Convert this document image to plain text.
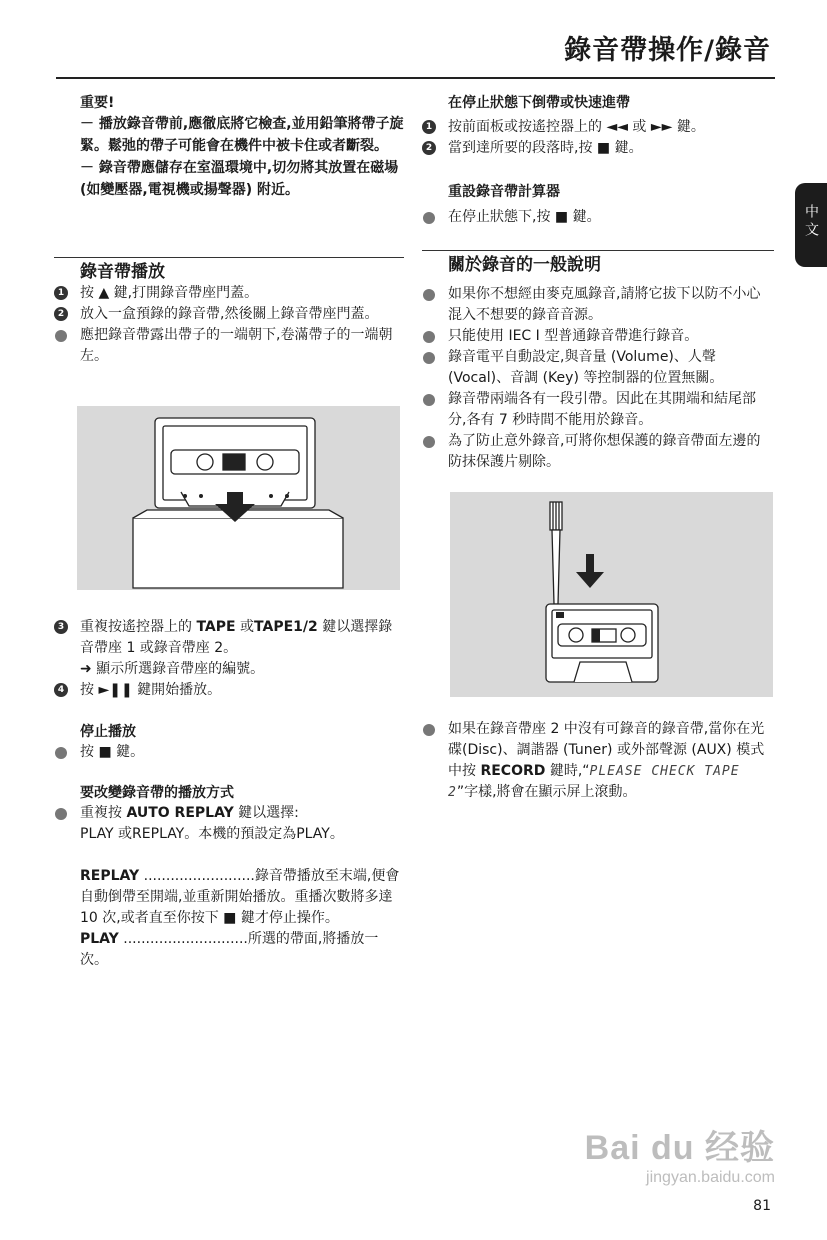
錄音帶操作/錄音
中文
重要!
－ 播放錄音帶前,應徹底將它檢查,並用鉛筆將帶子旋緊。鬆弛的帶子可能會在機件中被卡住或者斷裂。
－ 錄音帶應儲存在室溫環境中,切勿將其放置在磁場 (如變壓器,電視機或揚聲器) 附近。
錄音帶播放
1 按 ▲ 鍵,打開錄音帶座門蓋。
2 放入一盒預錄的錄音帶,然後關上錄音帶座門蓋。
應把錄音帶露出帶子的一端朝下,卷滿帶子的一端朝左。
3 重複按遙控器上的 TAPE 或TAPE1/2 鍵以選擇錄音帶座 1 或錄音帶座 2。
➜ 顯示所選錄音帶座的編號。
4 按 ►❚❚ 鍵開始播放。
停止播放
按 ■ 鍵。
要改變錄音帶的播放方式
重複按 AUTO REPLAY 鍵以選擇:
PLAY 或REPLAY。本機的預設定為PLAY。
REPLAY .........................錄音帶播放至末端,便會自動倒帶至開端,並重新開始播放。重播次數將多達 10 次,或者直至你按下 ■ 鍵才停止操作。
PLAY ............................所選的帶面,將播放一次。
在停止狀態下倒帶或快速進帶
1 按前面板或按遙控器上的 ◄◄ 或 ►► 鍵。
2 當到達所要的段落時,按 ■ 鍵。
重設錄音帶計算器
在停止狀態下,按 ■ 鍵。
關於錄音的一般說明
如果你不想經由麥克風錄音,請將它拔下以防不小心混入不想要的錄音音源。
只能使用 IEC I 型普通錄音帶進行錄音。
錄音電平自動設定,與音量 (Volume)、人聲 (Vocal)、音調 (Key) 等控制器的位置無關。
錄音帶兩端各有一段引帶。因此在其開端和結尾部分,各有 7 秒時間不能用於錄音。
為了防止意外錄音,可將你想保護的錄音帶面左邊的防抹保護片剔除。
如果在錄音帶座 2 中沒有可錄音的錄音帶,當你在光碟(Disc)、調諧器 (Tuner) 或外部聲源 (AUX) 模式中按 RECORD 鍵時,“PLEASE CHECK TAPE 2”字樣,將會在顯示屏上滾動。
Bai du 经验
jingyan.baidu.com
81
